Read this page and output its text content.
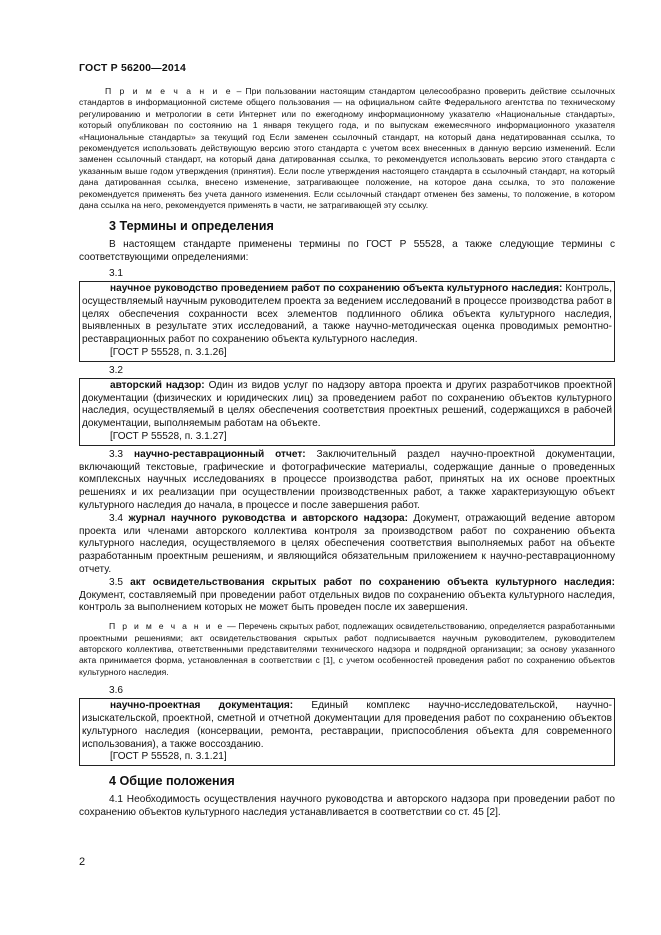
ГОСТ Р 56200—2014

П р и м е ч а н и е – При пользовании настоящим стандартом целесообразно проверить действие ссылочных стандартов в информационной системе общего пользования — на официальном сайте Федерального агентства по техническому регулированию и метрологии в сети Интернет или по ежегодному информационному указателю «Национальные стандарты», который опубликован по состоянию на 1 января текущего года, и по выпускам ежемесячного информационного указателя «Национальные стандарты» за текущий год Если заменен ссылочный стандарт, на который дана недатированная ссылка, то рекомендуется использовать действующую версию этого стандарта с учетом всех внесенных в данную версию изменений. Если заменен ссылочный стандарт, на который дана датированная ссылка, то рекомендуется использовать версию этого стандарта с указанным выше годом утверждения (принятия). Если после утверждения настоящего стандарта в ссылочный стандарт, на который дана датированная ссылка, внесено изменение, затрагивающее положение, на которое дана ссылка, то это положение рекомендуется применять без учета данного изменения. Если ссылочный стандарт отменен без замены, то положение, в котором дана ссылка на него, рекомендуется применять в части, не затрагивающей эту ссылку.

3 Термины и определения

В настоящем стандарте применены термины по ГОСТ Р 55528, а также следующие термины с соответствующими определениями:

3.1
научное руководство проведением работ по сохранению объекта культурного наследия: Контроль, осуществляемый научным руководителем проекта за ведением исследований в процессе производства работ в целях обеспечения сохранности всех элементов подлинного облика объекта культурного наследия, выявленных в результате этих исследований, а также научно-методическая оценка проводимых ремонтно-реставрационных работ по сохранению объекта культурного наследия.
[ГОСТ Р 55528, п. 3.1.26]
3.2
авторский надзор: Один из видов услуг по надзору автора проекта и других разработчиков проектной документации (физических и юридических лиц) за проведением работ по сохранению объектов культурного наследия, осуществляемый в целях обеспечения соответствия проектных решений, содержащихся в рабочей документации, выполняемым работам на объекте.
[ГОСТ Р 55528, п. 3.1.27]

3.3 научно-реставрационный отчет: Заключительный раздел научно-проектной документации, включающий текстовые, графические и фотографические материалы, содержащие данные о проведенных комплексных научных исследованиях в процессе производства работ, принятых на их основе проектных решениях и их реализации при осуществлении производственных работ, а также характеризующую объект культурного наследия до начала, в процессе и после завершения работ.

3.4 журнал научного руководства и авторского надзора: Документ, отражающий ведение автором проекта или членами авторского коллектива контроля за производством работ по сохранению объекта культурного наследия, осуществляемого в целях обеспечения соответствия выполняемых работ на объекте разработанным проектным решениям, и являющийся обязательным приложением к научно-реставрационному отчету.

3.5 акт освидетельствования скрытых работ по сохранению объекта культурного наследия: Документ, составляемый при проведении работ отдельных видов по сохранению объекта культурного наследия, контроль за выполнением которых не может быть проведен после их завершения.

П р и м е ч а н и е — Перечень скрытых работ, подлежащих освидетельствованию, определяется разработанными проектными решениями; акт освидетельствования скрытых работ подписывается научным руководителем, руководителем авторского коллектива, ответственными представителями технического надзора и подрядной организации; за основу указанного акта принимается форма, установленная в соответствии с [1], с учетом особенностей проведения работ по сохранению объектов культурного наследия.

3.6
научно-проектная документация: Единый комплекс научно-исследовательской, научно-изыскательской, проектной, сметной и отчетной документации для проведения работ по сохранению объектов культурного наследия (консервации, ремонта, реставрации, приспособления объекта для современного использования), а также воссозданию.
[ГОСТ Р 55528, п. 3.1.21]
4 Общие положения

4.1 Необходимость осуществления научного руководства и авторского надзора при проведении работ по сохранению объектов культурного наследия устанавливается в соответствии со ст. 45 [2].

2
